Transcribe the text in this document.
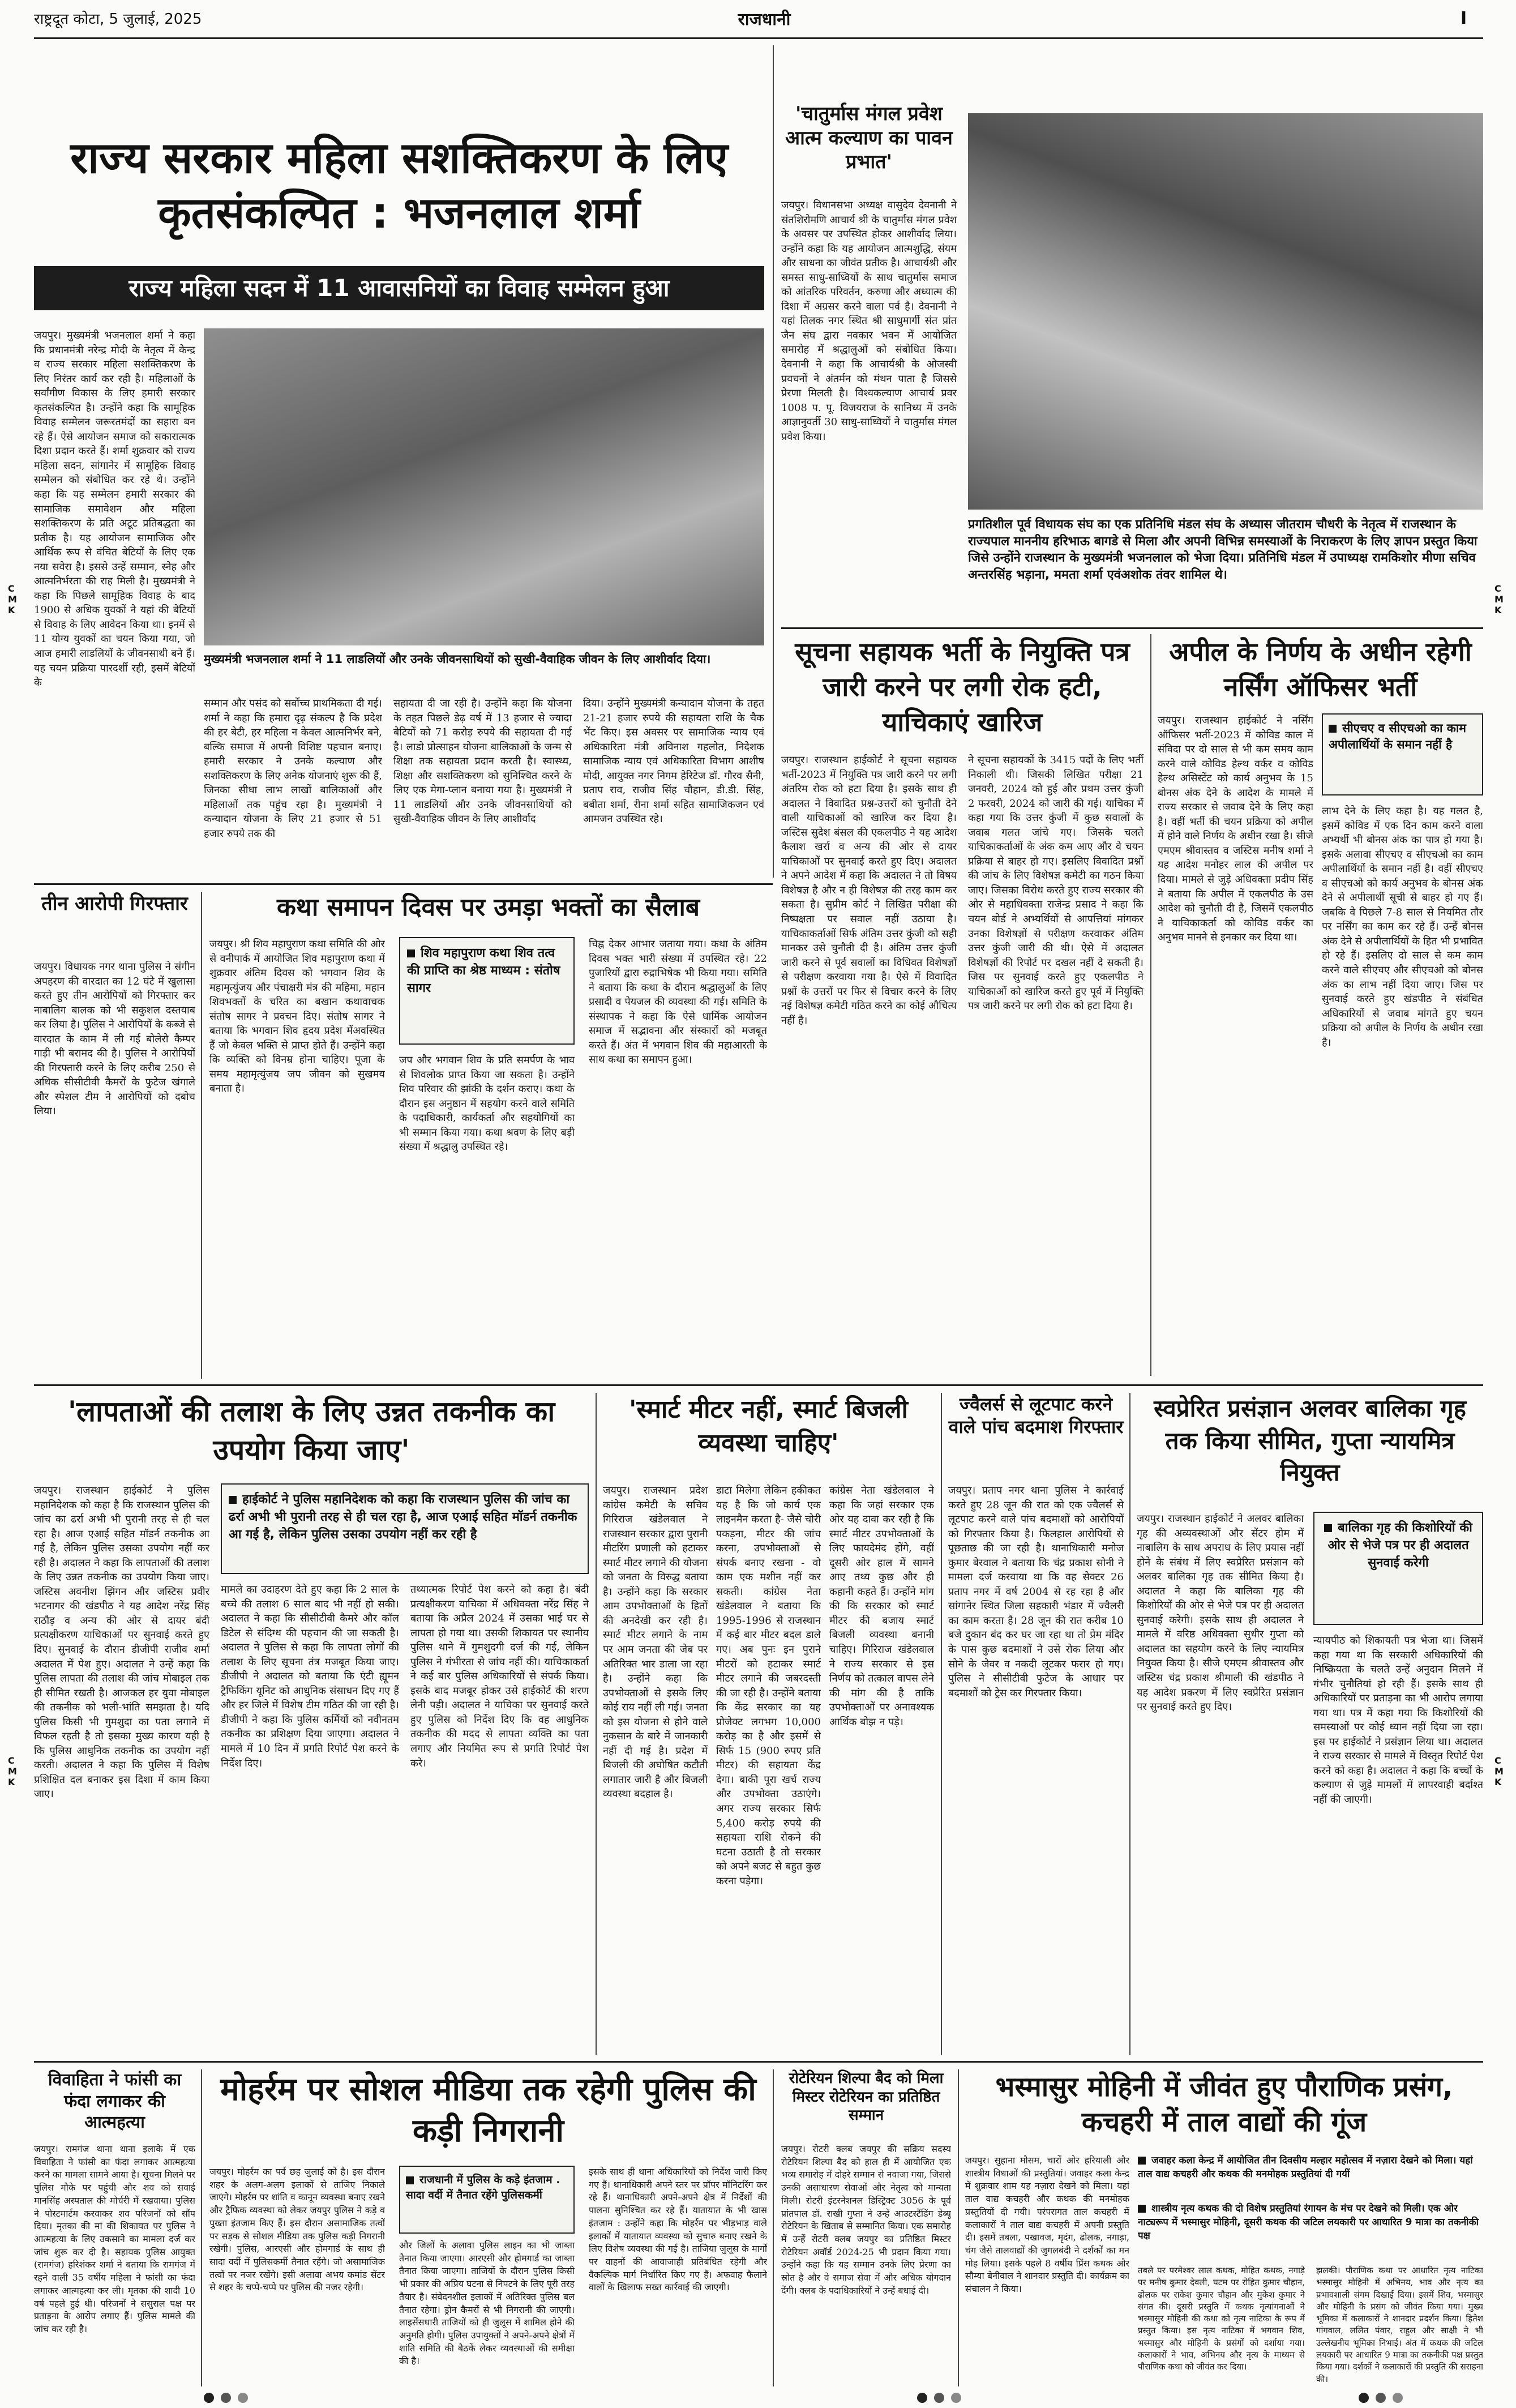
राष्ट्रदूत कोटा, 5 जुलाई, 2025	राजधानी	I
CMK
CMK
CMK
CMK
राज्य सरकार महिला सशक्तिकरण के लिए कृतसंकल्पित : भजनलाल शर्मा
राज्य महिला सदन में 11 आवासनियों का विवाह सम्मेलन हुआ
जयपुर। मुख्यमंत्री भजनलाल शर्मा ने कहा कि प्रधानमंत्री नरेन्द्र मोदी के नेतृत्व में केन्द्र व राज्य सरकार महिला सशक्तिकरण के लिए निरंतर कार्य कर रही है। महिलाओं के सर्वांगीण विकास के लिए हमारी सरकार कृतसंकल्पित है। उन्होंने कहा कि सामूहिक विवाह सम्मेलन जरूरतमंदों का सहारा बन रहे हैं। ऐसे आयोजन समाज को सकारात्मक दिशा प्रदान करते हैं। शर्मा शुक्रवार को राज्य महिला सदन, सांगानेर में सामूहिक विवाह सम्मेलन को संबोधित कर रहे थे। उन्होंने कहा कि यह सम्मेलन हमारी सरकार की सामाजिक समावेशन और महिला सशक्तिकरण के प्रति अटूट प्रतिबद्धता का प्रतीक है। यह आयोजन सामाजिक और आर्थिक रूप से वंचित बेटियों के लिए एक नया सवेरा है। इससे उन्हें सम्मान, स्नेह और आत्मनिर्भरता की राह मिली है। मुख्यमंत्री ने कहा कि पिछले सामूहिक विवाह के बाद 1900 से अधिक युवकों ने यहां की बेटियों से विवाह के लिए आवेदन किया था। इनमें से 11 योग्य युवकों का चयन किया गया, जो आज हमारी लाडलियों के जीवनसाथी बने हैं। यह चयन प्रक्रिया पारदर्शी रही, इसमें बेटियों के
मुख्यमंत्री भजनलाल शर्मा ने 11 लाडलियों और उनके जीवनसाथियों को सुखी-वैवाहिक जीवन के लिए आशीर्वाद दिया।
सम्मान और पसंद को सर्वोच्च प्राथमिकता दी गई। शर्मा ने कहा कि हमारा दृढ़ संकल्प है कि प्रदेश की हर बेटी, हर महिला न केवल आत्मनिर्भर बने, बल्कि समाज में अपनी विशिष्ट पहचान बनाए। हमारी सरकार ने उनके कल्याण और सशक्तिकरण के लिए अनेक योजनाएं शुरू की हैं, जिनका सीधा लाभ लाखों बालिकाओं और महिलाओं तक पहुंच रहा है। मुख्यमंत्री ने कन्यादान योजना के लिए 21 हजार से 51 हजार रुपये तक की
सहायता दी जा रही है। उन्होंने कहा कि योजना के तहत पिछले डेढ़ वर्ष में 13 हजार से ज्यादा बेटियों को 71 करोड़ रुपये की सहायता दी गई है। लाडो प्रोत्साहन योजना बालिकाओं के जन्म से शिक्षा तक सहायता प्रदान करती है। स्वास्थ्य, शिक्षा और सशक्तिकरण को सुनिश्चित करने के लिए एक मेगा-प्लान बनाया गया है। मुख्यमंत्री ने 11 लाडलियों और उनके जीवनसाथियों को सुखी-वैवाहिक जीवन के लिए आशीर्वाद
दिया। उन्होंने मुख्यमंत्री कन्यादान योजना के तहत 21-21 हजार रुपये की सहायता राशि के चैक भेंट किए। इस अवसर पर सामाजिक न्याय एवं अधिकारिता मंत्री अविनाश गहलोत, निदेशक सामाजिक न्याय एवं अधिकारिता विभाग आशीष मोदी, आयुक्त नगर निगम हेरिटेज डॉ. गौरव सैनी, प्रताप राव, राजीव सिंह चौहान, डी.डी. सिंह, बबीता शर्मा, रीना शर्मा सहित सामाजिकजन एवं आमजन उपस्थित रहे।
'चातुर्मास मंगल प्रवेश आत्म कल्याण का पावन प्रभात'
जयपुर। विधानसभा अध्यक्ष वासुदेव देवनानी ने संतशिरोमणि आचार्य श्री के चातुर्मास मंगल प्रवेश के अवसर पर उपस्थित होकर आशीर्वाद लिया। उन्होंने कहा कि यह आयोजन आत्मशुद्धि, संयम और साधना का जीवंत प्रतीक है। आचार्यश्री और समस्त साधु-साध्वियों के साथ चातुर्मास समाज को आंतरिक परिवर्तन, करुणा और अध्यात्म की दिशा में अग्रसर करने वाला पर्व है। देवनानी ने यहां तिलक नगर स्थित श्री साधुमार्गी संत प्रांत जैन संघ द्वारा नवकार भवन में आयोजित समारोह में श्रद्धालुओं को संबोधित किया। देवनानी ने कहा कि आचार्यश्री के ओजस्वी प्रवचनों ने अंतर्मन को मंथन पाता है जिससे प्रेरणा मिलती है। विश्वकल्याण आचार्य प्रवर 1008 प. पू. विजयराज के सानिध्य में उनके आज्ञानुवर्ती 30 साधु-साध्वियों ने चातुर्मास मंगल प्रवेश किया।
प्रगतिशील पूर्व विधायक संघ का एक प्रतिनिधि मंडल संघ के अध्यास जीतराम चौधरी के नेतृत्व में राजस्थान के राज्यपाल माननीय हरिभाऊ बागडे से मिला और अपनी विभिन्न समस्याओं के निराकरण के लिए ज्ञापन प्रस्तुत किया जिसे उन्होंने राजस्थान के मुख्यमंत्री भजनलाल को भेजा दिया। प्रतिनिधि मंडल में उपाध्यक्ष रामकिशोर मीणा सचिव अन्तरसिंह भड़ाना, ममता शर्मा एवंअशोक तंवर शामिल थे।
सूचना सहायक भर्ती के नियुक्ति पत्र जारी करने पर लगी रोक हटी, याचिकाएं खारिज
जयपुर। राजस्थान हाईकोर्ट ने सूचना सहायक भर्ती-2023 में नियुक्ति पत्र जारी करने पर लगी अंतरिम रोक को हटा दिया है। इसके साथ ही अदालत ने विवादित प्रश्न-उत्तरों को चुनौती देने वाली याचिकाओं को खारिज कर दिया है। जस्टिस सुदेश बंसल की एकलपीठ ने यह आदेश कैलाश खर्रा व अन्य की ओर से दायर याचिकाओं पर सुनवाई करते हुए दिए। अदालत ने अपने आदेश में कहा कि अदालत ने तो विषय विशेषज्ञ है और न ही विशेषज्ञ की तरह काम कर सकता है। सुप्रीम कोर्ट ने लिखित परीक्षा की निष्पक्षता पर सवाल नहीं उठाया है। याचिकाकर्ताओं सिर्फ अंतिम उत्तर कुंजी को सही मानकर उसे चुनौती दी है। अंतिम उत्तर कुंजी जारी करने से पूर्व सवालों का विधिवत विशेषज्ञों से परीक्षण करवाया गया है। ऐसे में विवादित प्रश्नों के उत्तरों पर फिर से विचार करने के लिए नई विशेषज्ञ कमेटी गठित करने का कोई औचित्य नहीं है।
ने सूचना सहायकों के 3415 पदों के लिए भर्ती निकाली थी। जिसकी लिखित परीक्षा 21 जनवरी, 2024 को हुई और प्रथम उत्तर कुंजी 2 फरवरी, 2024 को जारी की गई। याचिका में कहा गया कि उत्तर कुंजी में कुछ सवालों के जवाब गलत जांचे गए। जिसके चलते याचिकाकर्ताओं के अंक कम आए और वे चयन प्रक्रिया से बाहर हो गए। इसलिए विवादित प्रश्नों की जांच के लिए विशेषज्ञ कमेटी का गठन किया जाए। जिसका विरोध करते हुए राज्य सरकार की ओर से महाधिवक्ता राजेन्द्र प्रसाद ने कहा कि चयन बोर्ड ने अभ्यर्थियों से आपत्तियां मांगकर उनका विशेषज्ञों से परीक्षण करवाकर अंतिम उत्तर कुंजी जारी की थी। ऐसे में अदालत विशेषज्ञों की रिपोर्ट पर दखल नहीं दे सकती है। जिस पर सुनवाई करते हुए एकलपीठ ने याचिकाओं को खारिज करते हुए पूर्व में नियुक्ति पत्र जारी करने पर लगी रोक को हटा दिया है।
अपील के निर्णय के अधीन रहेगी नर्सिंग ऑफिसर भर्ती
सीएचए व सीएचओ का काम अपीलार्थियों के समान नहीं है
जयपुर। राजस्थान हाईकोर्ट ने नर्सिंग ऑफिसर भर्ती-2023 में कोविड काल में संविदा पर दो साल से भी कम समय काम करने वाले कोविड हेल्थ वर्कर व कोविड हेल्थ असिस्टेंट को कार्य अनुभव के 15 बोनस अंक देने के आदेश के मामले में राज्य सरकार से जवाब देने के लिए कहा है। वहीं भर्ती की चयन प्रक्रिया को अपील में होने वाले निर्णय के अधीन रखा है। सीजे एमएम श्रीवास्तव व जस्टिस मनीष शर्मा ने यह आदेश मनोहर लाल की अपील पर दिया। मामले से जुड़े अधिवक्ता प्रदीप सिंह ने बताया कि अपील में एकलपीठ के उस आदेश को चुनौती दी है, जिसमें एकलपीठ ने याचिकाकर्ता को कोविड वर्कर का अनुभव मानने से इनकार कर दिया था।
लाभ देने के लिए कहा है। यह गलत है, इसमें कोविड में एक दिन काम करने वाला अभ्यर्थी भी बोनस अंक का पात्र हो गया है। इसके अलावा सीएचए व सीएचओ का काम अपीलार्थियों के समान नहीं है। वहीं सीएचए व सीएचओ को कार्य अनुभव के बोनस अंक देने से अपीलार्थी सूची से बाहर हो गए हैं। जबकि वे पिछले 7-8 साल से नियमित तौर पर नर्सिंग का काम कर रहे हैं। उन्हें बोनस अंक देने से अपीलार्थियों के हित भी प्रभावित हो रहे हैं। इसलिए दो साल से कम काम करने वाले सीएचए और सीएचओ को बोनस अंक का लाभ नहीं दिया जाए। जिस पर सुनवाई करते हुए खंडपीठ ने संबंधित अधिकारियों से जवाब मांगते हुए चयन प्रक्रिया को अपील के निर्णय के अधीन रखा है।
तीन आरोपी गिरफ्तार
जयपुर। विधायक नगर थाना पुलिस ने संगीन अपहरण की वारदात का 12 घंटे में खुलासा करते हुए तीन आरोपियों को गिरफ्तार कर नाबालिग बालक को भी सकुशल दस्तयाब कर लिया है। पुलिस ने आरोपियों के कब्जे से वारदात के काम में ली गई बोलेरो कैम्पर गाड़ी भी बरामद की है। पुलिस ने आरोपियों की गिरफ्तारी करने के लिए करीब 250 से अधिक सीसीटीवी कैमरों के फुटेज खंगाले और स्पेशल टीम ने आरोपियों को दबोच लिया।
कथा समापन दिवस पर उमड़ा भक्तों का सैलाब
जयपुर। श्री शिव महापुराण कथा समिति की ओर से वनीपार्क में आयोजित शिव महापुराण कथा में शुक्रवार अंतिम दिवस को भगवान शिव के महामृत्युंजय और पंचाक्षरी मंत्र की महिमा, महान शिवभक्तों के चरित का बखान कथावाचक संतोष सागर ने प्रवचन दिए। संतोष सागर ने बताया कि भगवान शिव हृदय प्रदेश मेंअवस्थित हैं जो केवल भक्ति से प्राप्त होते हैं। उन्होंने कहा कि व्यक्ति को विनम्र होना चाहिए। पूजा के समय महामृत्युंजय जप जीवन को सुखमय बनाता है।
शिव महापुराण कथा शिव तत्व की प्राप्ति का श्रेष्ठ माध्यम : संतोष सागर
जप और भगवान शिव के प्रति समर्पण के भाव से शिवलोक प्राप्त किया जा सकता है। उन्होंने शिव परिवार की झांकी के दर्शन कराए। कथा के दौरान इस अनुष्ठान में सहयोग करने वाले समिति के पदाधिकारी, कार्यकर्ता और सहयोगियों का भी सम्मान किया गया। कथा श्रवण के लिए बड़ी संख्या में श्रद्धालु उपस्थित रहे।
चिह्न देकर आभार जताया गया। कथा के अंतिम दिवस भक्त भारी संख्या में उपस्थित रहे। 22 पुजारियों द्वारा रुद्राभिषेक भी किया गया। समिति ने बताया कि कथा के दौरान श्रद्धालुओं के लिए प्रसादी व पेयजल की व्यवस्था की गई। समिति के संस्थापक ने कहा कि ऐसे धार्मिक आयोजन समाज में सद्भावना और संस्कारों को मजबूत करते हैं। अंत में भगवान शिव की महाआरती के साथ कथा का समापन हुआ।
'लापताओं की तलाश के लिए उन्नत तकनीक का उपयोग किया जाए'
जयपुर। राजस्थान हाईकोर्ट ने पुलिस महानिदेशक को कहा है कि राजस्थान पुलिस की जांच का ढर्रा अभी भी पुरानी तरह से ही चल रहा है। आज एआई सहित मॉडर्न तकनीक आ गई है, लेकिन पुलिस उसका उपयोग नहीं कर रही है। अदालत ने कहा कि लापताओं की तलाश के लिए उन्नत तकनीक का उपयोग किया जाए। जस्टिस अवनीश झिंगन और जस्टिस प्रवीर भटनागर की खंडपीठ ने यह आदेश नरेंद्र सिंह राठौड़ व अन्य की ओर से दायर बंदी प्रत्यक्षीकरण याचिकाओं पर सुनवाई करते हुए दिए। सुनवाई के दौरान डीजीपी राजीव शर्मा अदालत में पेश हुए। अदालत ने उन्हें कहा कि पुलिस लापता की तलाश की जांच मोबाइल तक ही सीमित रखती है। आजकल हर युवा मोबाइल की तकनीक को भली-भांति समझता है। यदि पुलिस किसी भी गुमशुदा का पता लगाने में विफल रहती है तो इसका मुख्य कारण यही है कि पुलिस आधुनिक तकनीक का उपयोग नहीं करती। अदालत ने कहा कि पुलिस में विशेष प्रशिक्षित दल बनाकर इस दिशा में काम किया जाए।
हाईकोर्ट ने पुलिस महानिदेशक को कहा कि राजस्थान पुलिस की जांच का ढर्रा अभी भी पुरानी तरह से ही चल रहा है, आज एआई सहित मॉडर्न तकनीक आ गई है, लेकिन पुलिस उसका उपयोग नहीं कर रही है
मामले का उदाहरण देते हुए कहा कि 2 साल के बच्चे की तलाश 6 साल बाद भी नहीं हो सकी। अदालत ने कहा कि सीसीटीवी कैमरे और कॉल डिटेल से संदिग्ध की पहचान की जा सकती है। अदालत ने पुलिस से कहा कि लापता लोगों की तलाश के लिए सूचना तंत्र मजबूत किया जाए। डीजीपी ने अदालत को बताया कि एंटी ह्यूमन ट्रैफिकिंग यूनिट को आधुनिक संसाधन दिए गए हैं और हर जिले में विशेष टीम गठित की जा रही है। डीजीपी ने कहा कि पुलिस कर्मियों को नवीनतम तकनीक का प्रशिक्षण दिया जाएगा। अदालत ने मामले में 10 दिन में प्रगति रिपोर्ट पेश करने के निर्देश दिए।
तथ्यात्मक रिपोर्ट पेश करने को कहा है। बंदी प्रत्यक्षीकरण याचिका में अधिवक्ता नरेंद्र सिंह ने बताया कि अप्रैल 2024 में उसका भाई घर से लापता हो गया था। उसकी शिकायत पर स्थानीय पुलिस थाने में गुमशुदगी दर्ज की गई, लेकिन पुलिस ने गंभीरता से जांच नहीं की। याचिकाकर्ता ने कई बार पुलिस अधिकारियों से संपर्क किया। इसके बाद मजबूर होकर उसे हाईकोर्ट की शरण लेनी पड़ी। अदालत ने याचिका पर सुनवाई करते हुए पुलिस को निर्देश दिए कि वह आधुनिक तकनीक की मदद से लापता व्यक्ति का पता लगाए और नियमित रूप से प्रगति रिपोर्ट पेश करे।
'स्मार्ट मीटर नहीं, स्मार्ट बिजली व्यवस्था चाहिए'
जयपुर। राजस्थान प्रदेश कांग्रेस कमेटी के सचिव गिरिराज खंडेलवाल ने राजस्थान सरकार द्वारा पुरानी मीटरिंग प्रणाली को हटाकर स्मार्ट मीटर लगाने की योजना को जनता के विरुद्ध बताया है। उन्होंने कहा कि सरकार आम उपभोक्ताओं के हितों की अनदेखी कर रही है। स्मार्ट मीटर लगाने के नाम पर आम जनता की जेब पर अतिरिक्त भार डाला जा रहा है। उन्होंने कहा कि उपभोक्ताओं से इसके लिए कोई राय नहीं ली गई। जनता को इस योजना से होने वाले नुकसान के बारे में जानकारी नहीं दी गई है। प्रदेश में बिजली की अघोषित कटौती लगातार जारी है और बिजली व्यवस्था बदहाल है।
डाटा मिलेगा लेकिन हकीकत यह है कि जो कार्य एक लाइनमैन करता है- जैसे चोरी पकड़ना, मीटर की जांच करना, उपभोक्ताओं से संपर्क बनाए रखना - वो काम एक मशीन नहीं कर सकती। कांग्रेस नेता खंडेलवाल ने बताया कि 1995-1996 से राजस्थान में कई बार मीटर बदल डाले गए। अब पुनः इन पुराने मीटरों को हटाकर स्मार्ट मीटर लगाने की जबरदस्ती की जा रही है। उन्होंने बताया कि केंद्र सरकार का यह प्रोजेक्ट लगभग 10,000 करोड़ का है और इसमें से सिर्फ 15 (900 रुपए प्रति मीटर) की सहायता केंद्र देगा। बाकी पूरा खर्च राज्य और उपभोक्ता उठाएंगे। अगर राज्य सरकार सिर्फ 5,400 करोड़ रुपये की सहायता राशि रोकने की घटना उठाती है तो सरकार को अपने बजट से बहुत कुछ करना पड़ेगा।
कांग्रेस नेता खंडेलवाल ने कहा कि जहां सरकार एक ओर यह दावा कर रही है कि स्मार्ट मीटर उपभोक्ताओं के लिए फायदेमंद होंगे, वहीं दूसरी ओर हाल में सामने आए तथ्य कुछ और ही कहानी कहते हैं। उन्होंने मांग की कि सरकार को स्मार्ट मीटर की बजाय स्मार्ट बिजली व्यवस्था बनानी चाहिए। गिरिराज खंडेलवाल ने राज्य सरकार से इस निर्णय को तत्काल वापस लेने की मांग की है ताकि उपभोक्ताओं पर अनावश्यक आर्थिक बोझ न पड़े।
ज्वैलर्स से लूटपाट करने वाले पांच बदमाश गिरफ्तार
जयपुर। प्रताप नगर थाना पुलिस ने कार्रवाई करते हुए 28 जून की रात को एक ज्वैलर्स से लूटपाट करने वाले पांच बदमाशों को आरोपियों को गिरफ्तार किया है। फिलहाल आरोपियों से पूछताछ की जा रही है। थानाधिकारी मनोज कुमार बेरवाल ने बताया कि चंद्र प्रकाश सोनी ने मामला दर्ज करवाया था कि वह सेक्टर 26 प्रताप नगर में वर्ष 2004 से रह रहा है और सांगानेर स्थित जिला सहकारी भंडार में ज्वैलरी का काम करता है। 28 जून की रात करीब 10 बजे दुकान बंद कर घर जा रहा था तो प्रेम मंदिर के पास कुछ बदमाशों ने उसे रोक लिया और सोने के जेवर व नकदी लूटकर फरार हो गए। पुलिस ने सीसीटीवी फुटेज के आधार पर बदमाशों को ट्रेस कर गिरफ्तार किया।
स्वप्रेरित प्रसंज्ञान अलवर बालिका गृह तक किया सीमित, गुप्ता न्यायमित्र नियुक्त
जयपुर। राजस्थान हाईकोर्ट ने अलवर बालिका गृह की अव्यवस्थाओं और सेंटर होम में नाबालिग के साथ अपराध के लिए प्रयास नहीं होने के संबंध में लिए स्वप्रेरित प्रसंज्ञान को अलवर बालिका गृह तक सीमित किया है। अदालत ने कहा कि बालिका गृह की किशोरियों की ओर से भेजे पत्र पर ही अदालत सुनवाई करेगी। इसके साथ ही अदालत ने मामले में वरिष्ठ अधिवक्ता सुधीर गुप्ता को अदालत का सहयोग करने के लिए न्यायमित्र नियुक्त किया है। सीजे एमएम श्रीवास्तव और जस्टिस चंद्र प्रकाश श्रीमाली की खंडपीठ ने यह आदेश प्रकरण में लिए स्वप्रेरित प्रसंज्ञान पर सुनवाई करते हुए दिए।
बालिका गृह की किशोरियों की ओर से भेजे पत्र पर ही अदालत सुनवाई करेगी
न्यायपीठ को शिकायती पत्र भेजा था। जिसमें कहा गया था कि सरकारी अधिकारियों की निष्क्रियता के चलते उन्हें अनुदान मिलने में गंभीर चुनौतियां हो रही हैं। इसके साथ ही अधिकारियों पर प्रताड़ना का भी आरोप लगाया गया था। पत्र में कहा गया कि किशोरियों की समस्याओं पर कोई ध्यान नहीं दिया जा रहा। इस पर हाईकोर्ट ने प्रसंज्ञान लिया था। अदालत ने राज्य सरकार से मामले में विस्तृत रिपोर्ट पेश करने को कहा है। अदालत ने कहा कि बच्चों के कल्याण से जुड़े मामलों में लापरवाही बर्दाश्त नहीं की जाएगी।
विवाहिता ने फांसी का फंदा लगाकर की आत्महत्या
जयपुर। रामगंज थाना थाना इलाके में एक विवाहिता ने फांसी का फंदा लगाकर आत्महत्या करने का मामला सामने आया है। सूचना मिलने पर पुलिस मौके पर पहुंची और शव को सवाई मानसिंह अस्पताल की मोर्चरी में रखवाया। पुलिस ने पोस्टमार्टम करवाकर शव परिजनों को सौंप दिया। मृतका की मां की शिकायत पर पुलिस ने आत्महत्या के लिए उकसाने का मामला दर्ज कर जांच शुरू कर दी है। सहायक पुलिस आयुक्त (रामगंज) हरिशंकर शर्मा ने बताया कि रामगंज में रहने वाली 35 वर्षीय महिला ने फांसी का फंदा लगाकर आत्महत्या कर ली। मृतका की शादी 10 वर्ष पहले हुई थी। परिजनों ने ससुराल पक्ष पर प्रताड़ना के आरोप लगाए हैं। पुलिस मामले की जांच कर रही है।
मोहर्रम पर सोशल मीडिया तक रहेगी पुलिस की कड़ी निगरानी
जयपुर। मोहर्रम का पर्व छह जुलाई को है। इस दौरान शहर के अलग-अलग इलाकों से ताजिए निकाले जाएंगे। मोहर्रम पर शांति व कानून व्यवस्था बनाए रखने और ट्रैफिक व्यवस्था को लेकर जयपुर पुलिस ने कड़े व पुख्ता इंतजाम किए हैं। इस दौरान असामाजिक तत्वों पर सड़क से सोशल मीडिया तक पुलिस कड़ी निगरानी रखेगी। पुलिस, आरएसी और होमगार्ड के साथ ही सादा वर्दी में पुलिसकर्मी तैनात रहेंगे। जो असामाजिक तत्वों पर नजर रखेंगे। इसी अलावा अभय कमांड सेंटर से शहर के चप्पे-चप्पे पर पुलिस की नजर रहेगी।
राजधानी में पुलिस के कड़े इंतजाम . सादा वर्दी में तैनात रहेंगे पुलिसकर्मी
और जिलों के अलावा पुलिस लाइन का भी जाब्ता तैनात किया जाएगा। आरएसी और होमगार्ड का जाब्ता तैनात किया जाएगा। ताजियों के दौरान पुलिस किसी भी प्रकार की अप्रिय घटना से निपटने के लिए पूरी तरह तैयार है। संवेदनशील इलाकों में अतिरिक्त पुलिस बल तैनात रहेगा। ड्रोन कैमरों से भी निगरानी की जाएगी। लाइसेंसधारी ताजियों को ही जुलूस में शामिल होने की अनुमति होगी। पुलिस उपायुक्तों ने अपने-अपने क्षेत्रों में शांति समिति की बैठकें लेकर व्यवस्थाओं की समीक्षा की है।
इसके साथ ही थाना अधिकारियों को निर्देश जारी किए गए हैं। थानाधिकारी अपने स्तर पर प्रॉपर मॉनिटरिंग कर रहे हैं। थानाधिकारी अपने-अपने क्षेत्र में निर्देशों की पालना सुनिश्चित कर रहे हैं। यातायात के भी खास इंतजाम : उन्होंने कहा कि मोहर्रम पर भीड़भाड़ वाले इलाकों में यातायात व्यवस्था को सुचारु बनाए रखने के लिए विशेष व्यवस्था की गई है। ताजिया जुलूस के मार्गों पर वाहनों की आवाजाही प्रतिबंधित रहेगी और वैकल्पिक मार्ग निर्धारित किए गए हैं। अफवाह फैलाने वालों के खिलाफ सख्त कार्रवाई की जाएगी।
रोटेरियन शिल्पा बैद को मिला मिस्टर रोटेरियन का प्रतिष्ठित सम्मान
जयपुर। रोटरी क्लब जयपुर की सक्रिय सदस्य रोटेरियन शिल्पा बैद को हाल ही में आयोजित एक भव्य समारोह में दोहरे सम्मान से नवाजा गया, जिससे उनकी असाधारण सेवाओं और नेतृत्व को मान्यता मिली। रोटरी इंटरनेशनल डिस्ट्रिक्ट 3056 के पूर्व प्रांतपाल डॉ. राखी गुप्ता ने उन्हें आउटस्टैंडिंग डेब्यू रोटेरियन के खिताब से सम्मानित किया। एक समारोह में उन्हें रोटरी क्लब जयपुर का प्रतिष्ठित मिस्टर रोटेरियन अवॉर्ड 2024-25 भी प्रदान किया गया। उन्होंने कहा कि यह सम्मान उनके लिए प्रेरणा का स्रोत है और वे समाज सेवा में और अधिक योगदान देंगी। क्लब के पदाधिकारियों ने उन्हें बधाई दी।
भस्मासुर मोहिनी में जीवंत हुए पौराणिक प्रसंग, कचहरी में ताल वाद्यों की गूंज
जयपुर। सुहाना मौसम, चारों ओर हरियाली और शास्त्रीय विधाओं की प्रस्तुतियां। जवाहर कला केन्द्र में शुक्रवार शाम यह नज़ारा देखने को मिला। यहां ताल वाद्य कचहरी और कथक की मनमोहक प्रस्तुतियों दी गयी। परंपरागत ताल कचहरी में कलाकारों ने ताल वाद्य कचहरी में अपनी प्रस्तुति दी। इसमें तबला, पखावज, मृदंग, ढोलक, नगाड़ा, चंग जैसे तालवाद्यों की जुगलबंदी ने दर्शकों का मन मोह लिया। इसके पहले 8 वर्षीय प्रिंस कथक और सौम्या बेनीवाल ने शानदार प्रस्तुति दी। कार्यक्रम का संचालन ने किया।
जवाहर कला केन्द्र में आयोजित तीन दिवसीय मल्हार महोत्सव में नज़ारा देखने को मिला। यहां ताल वाद्य कचहरी और कथक की मनमोहक प्रस्तुतियां दी गयीं
शास्त्रीय नृत्य कथक की दो विशेष प्रस्तुतियां रंगायन के मंच पर देखने को मिली। एक ओर नाट्यरूप में भस्मासुर मोहिनी, दूसरी कथक की जटिल लयकारी पर आधारित 9 मात्रा का तकनीकी पक्ष
तबले पर परमेश्वर लाल कथक, मोहित कथक, नगाड़े पर मनीष कुमार देवली, घटम पर रोहित कुमार चौहान, ढोलक पर राकेश कुमार चौहान और मुकेश कुमार ने संगत की। दूसरी प्रस्तुति में कथक नृत्यांगनाओं ने भस्मासुर मोहिनी की कथा को नृत्य नाटिका के रूप में प्रस्तुत किया। इस नृत्य नाटिका में भगवान शिव, भस्मासुर और मोहिनी के प्रसंगों को दर्शाया गया। कलाकारों ने भाव, अभिनय और नृत्य के माध्यम से पौराणिक कथा को जीवंत कर दिया।
झलकी। पौराणिक कथा पर आधारित नृत्य नाटिका भस्मासुर मोहिनी में अभिनय, भाव और नृत्य का प्रभावशाली संगम दिखाई दिया। इसमें शिव, भस्मासुर और मोहिनी के प्रसंग को जीवंत किया गया। मुख्य भूमिका में कलाकारों ने शानदार प्रदर्शन किया। हितेश गांगवाल, ललित पंवार, राहुल और साक्षी ने भी उल्लेखनीय भूमिका निभाई। अंत में कथक की जटिल लयकारी पर आधारित 9 मात्रा का तकनीकी पक्ष प्रस्तुत किया गया। दर्शकों ने कलाकारों की प्रस्तुति की सराहना की।
